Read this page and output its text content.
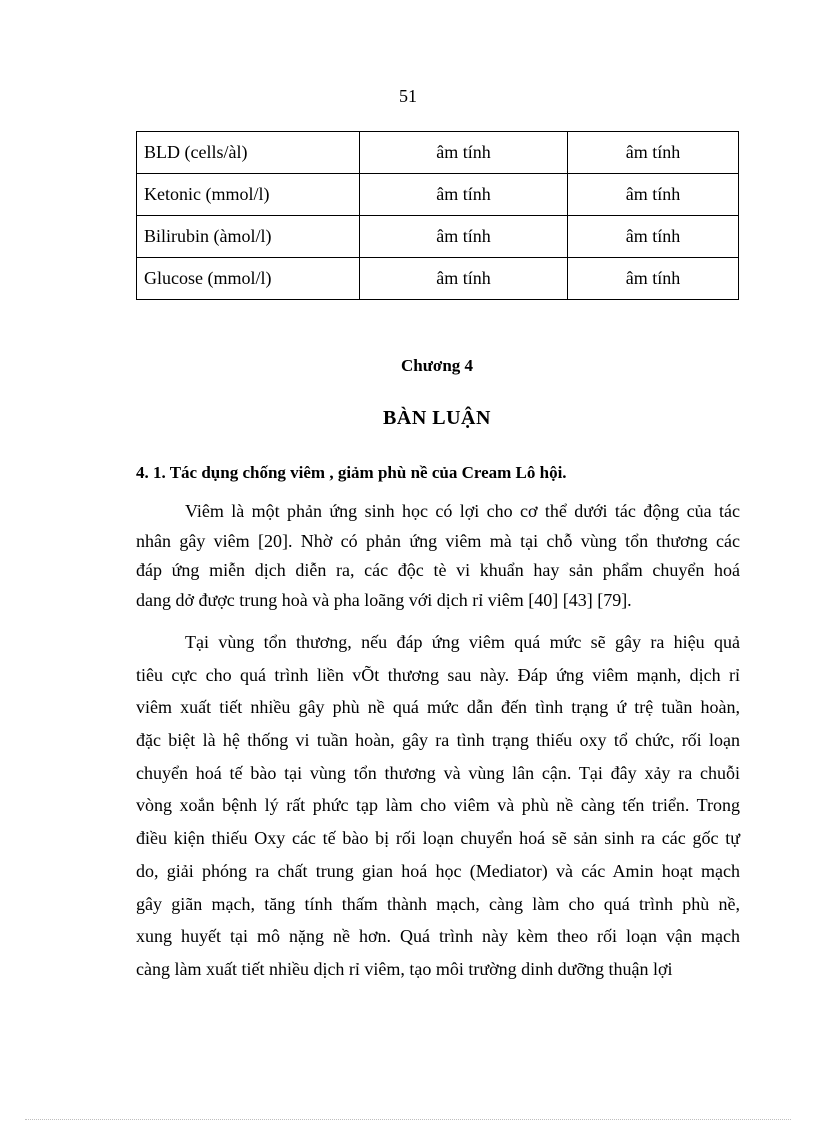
51
BLD (cells/àl)	âm tính	âm tính
Ketonic (mmol/l)	âm tính	âm tính
Bilirubin (àmol/l)	âm tính	âm tính
Glucose (mmol/l)	âm tính	âm tính
Chương 4
BÀN LUẬN
4. 1. Tác dụng chống viêm , giảm phù nề của Cream Lô hội.
Viêm là một phản ứng sinh học có lợi cho cơ thể dưới tác động của tác
nhân gây viêm [20]. Nhờ có phản ứng viêm mà tại chỗ vùng tổn thương các
đáp ứng miễn dịch diễn ra, các độc tè vi khuẩn hay sản phẩm chuyển hoá
dang dở được trung hoà và pha loãng với dịch rỉ viêm [40] [43] [79].
Tại vùng tổn thương, nếu đáp ứng viêm quá mức sẽ gây ra hiệu quả
tiêu cực cho quá trình liền vÕt thương sau này. Đáp ứng viêm mạnh, dịch rỉ
viêm xuất tiết nhiều gây phù nề quá mức dẫn đến tình trạng ứ trệ tuần hoàn,
đặc biệt là hệ thống vi tuần hoàn, gây ra tình trạng thiếu oxy tổ chức, rối loạn
chuyển hoá tế bào tại vùng tổn thương và vùng lân cận. Tại đây xảy ra chuỗi
vòng xoắn bệnh lý rất phức tạp làm cho viêm và phù nề càng tến triển. Trong
điều kiện thiếu Oxy các tế bào bị rối loạn chuyển hoá sẽ sản sinh ra các gốc tự
do, giải phóng ra chất trung gian hoá học (Mediator) và các Amin hoạt mạch
gây giãn mạch, tăng tính thấm thành mạch, càng làm cho quá trình phù nề,
xung huyết tại mô nặng nề hơn. Quá trình này kèm theo rối loạn vận mạch
càng làm xuất tiết nhiều dịch rỉ viêm, tạo môi trường dinh dưỡng thuận lợi
